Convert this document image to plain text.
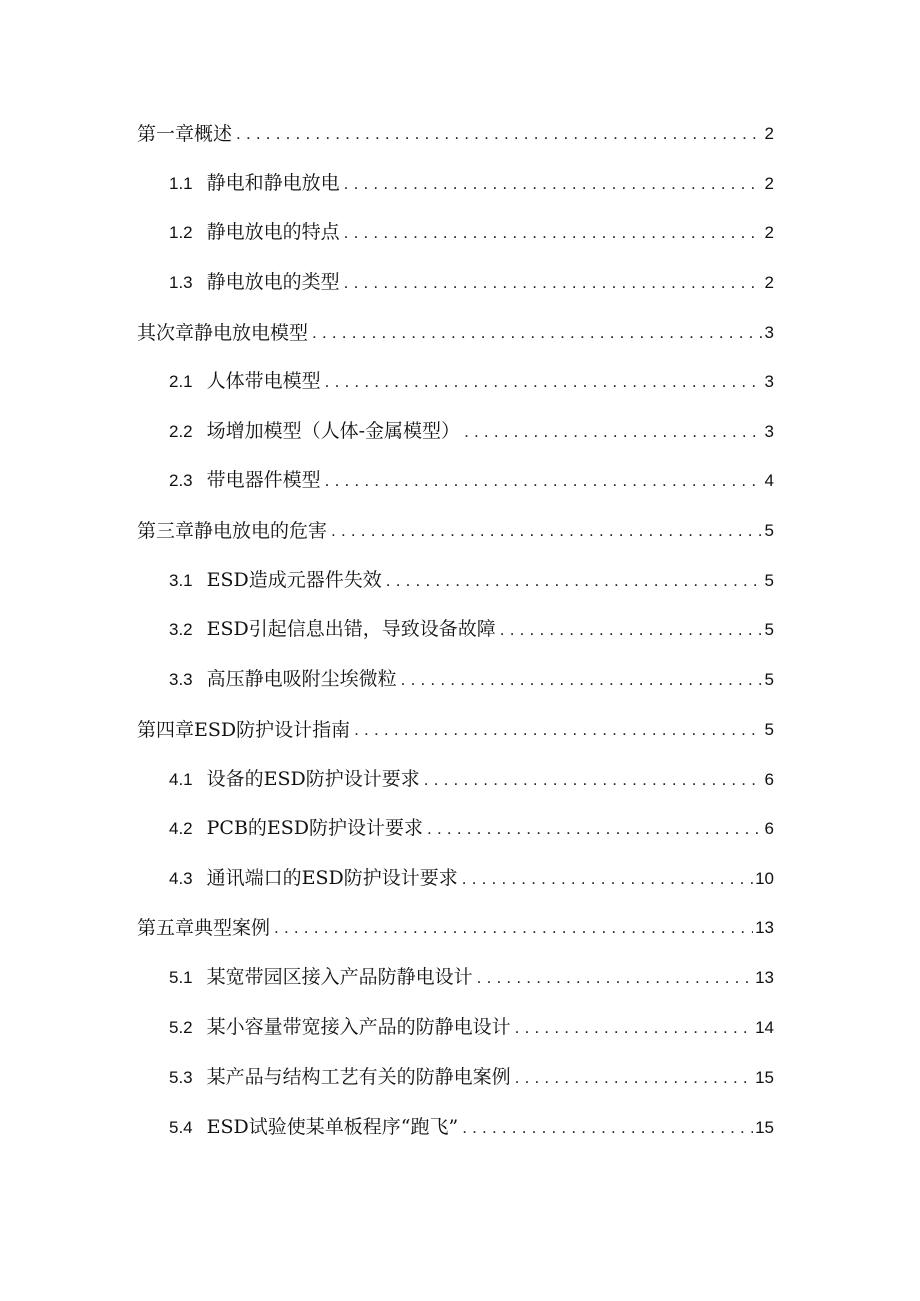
第一章概述 .....	2
1.1 静电和静电放电 .....	2
1.2 静电放电的特点 .....	2
1.3 静电放电的类型 .....	2
其次章静电放电模型 .....	3
2.1 人体带电模型 .....	3
2.2 场增加模型（人体-金属模型） .....	3
2.3 带电器件模型 .....	4
第三章静电放电的危害 .....	5
3.1 ESD造成元器件失效 .....	5
3.2 ESD引起信息出错，导致设备故障 .....	5
3.3 高压静电吸附尘埃微粒 .....	5
第四章ESD防护设计指南 .....	5
4.1 设备的ESD防护设计要求 .....	6
4.2 PCB的ESD防护设计要求 .....	6
4.3 通讯端口的ESD防护设计要求 .....	10
第五章典型案例 .....	13
5.1 某宽带园区接入产品防静电设计 .....	13
5.2 某小容量带宽接入产品的防静电设计 .....	14
5.3 某产品与结构工艺有关的防静电案例 .....	15
5.4 ESD试验使某单板程序“跑飞” .....	15
